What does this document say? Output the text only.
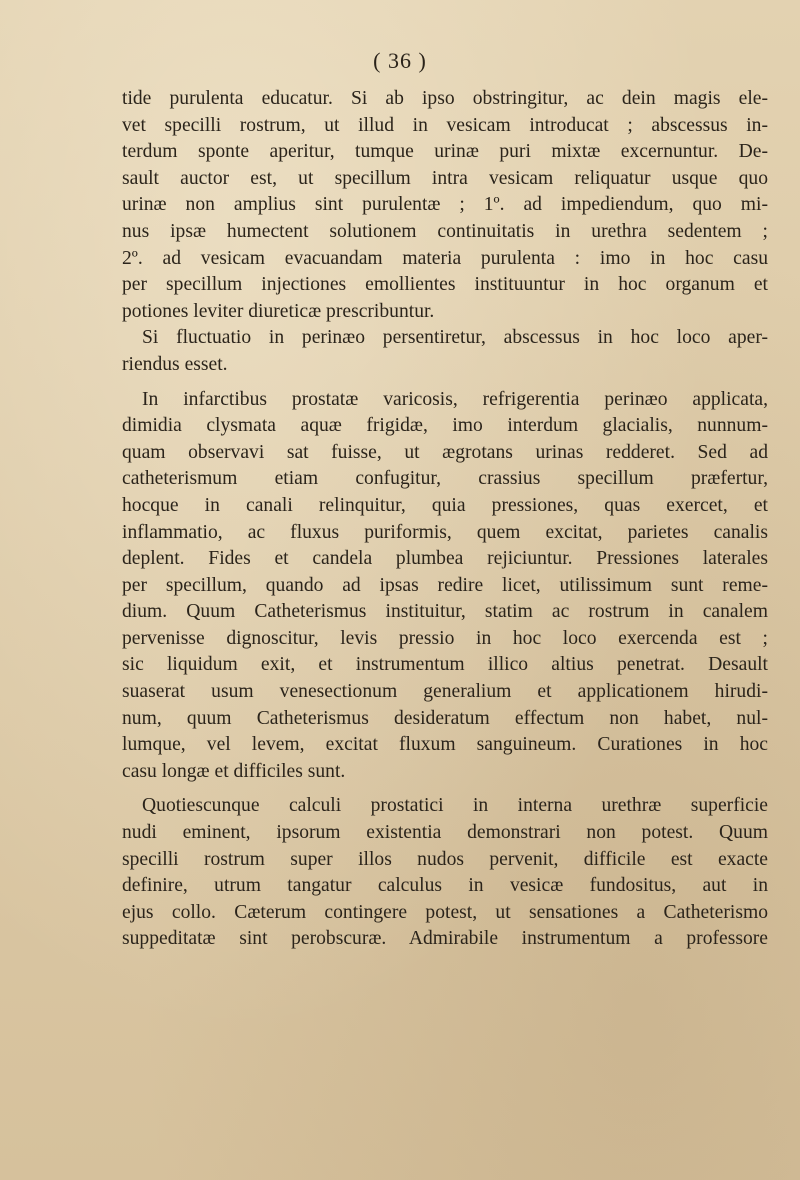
( 36 )
tide purulenta educatur. Si ab ipso obstringitur, ac dein magis ele-
vet specilli rostrum, ut illud in vesicam introducat ; abscessus in-
terdum sponte aperitur, tumque urinæ puri mixtæ excernuntur. De-
sault auctor est, ut specillum intra vesicam reliquatur usque quo
urinæ non amplius sint purulentæ ; 1º. ad impediendum, quo mi-
nus ipsæ humectent solutionem continuitatis in urethra sedentem ;
2º. ad vesicam evacuandam materia purulenta : imo in hoc casu
per specillum injectiones emollientes instituuntur in hoc organum et
potiones leviter diureticæ prescribuntur.
Si fluctuatio in perinæo persentiretur, abscessus in hoc loco aper-
riendus esset.
In infarctibus prostatæ varicosis, refrigerentia perinæo applicata,
dimidia clysmata aquæ frigidæ, imo interdum glacialis, nunnum-
quam observavi sat fuisse, ut ægrotans urinas redderet. Sed ad
catheterismum etiam confugitur, crassius specillum præfertur,
hocque in canali relinquitur, quia pressiones, quas exercet, et
inflammatio, ac fluxus puriformis, quem excitat, parietes canalis
deplent. Fides et candela plumbea rejiciuntur. Pressiones laterales
per specillum, quando ad ipsas redire licet, utilissimum sunt reme-
dium. Quum Catheterismus instituitur, statim ac rostrum in canalem
pervenisse dignoscitur, levis pressio in hoc loco exercenda est ;
sic liquidum exit, et instrumentum illico altius penetrat. Desault
suaserat usum venesectionum generalium et applicationem hirudi-
num, quum Catheterismus desideratum effectum non habet, nul-
lumque, vel levem, excitat fluxum sanguineum. Curationes in hoc
casu longæ et difficiles sunt.
Quotiescunque calculi prostatici in interna urethræ superficie
nudi eminent, ipsorum existentia demonstrari non potest. Quum
specilli rostrum super illos nudos pervenit, difficile est exacte
definire, utrum tangatur calculus in vesicæ fundositus, aut in
ejus collo. Cæterum contingere potest, ut sensationes a Catheterismo
suppeditatæ sint perobscuræ. Admirabile instrumentum a professore
